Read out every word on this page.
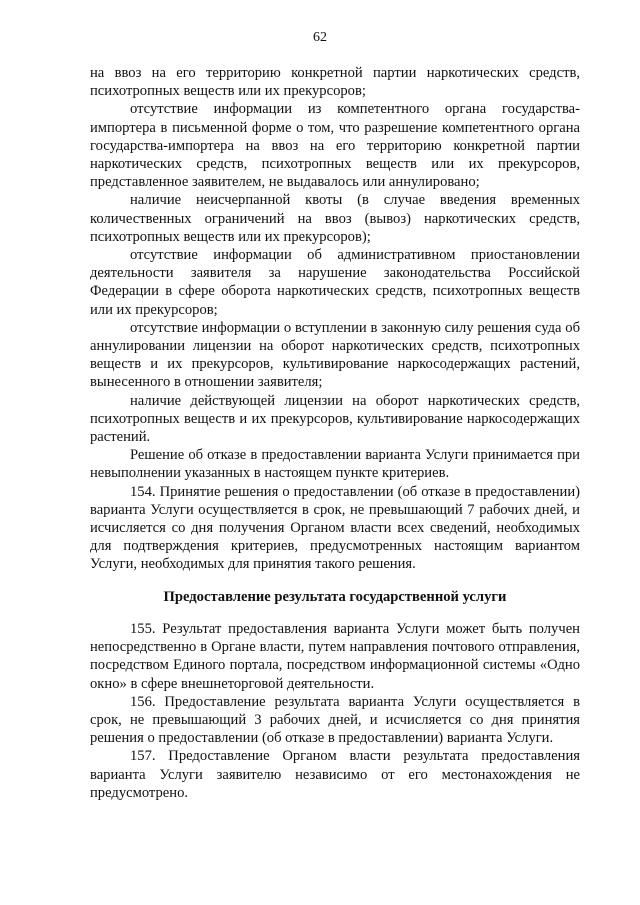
62

на ввоз на его территорию конкретной партии наркотических средств, психотропных веществ или их прекурсоров;

отсутствие информации из компетентного органа государства-импортера в письменной форме о том, что разрешение компетентного органа государства-импортера на ввоз на его территорию конкретной партии наркотических средств, психотропных веществ или их прекурсоров, представленное заявителем, не выдавалось или аннулировано;

наличие неисчерпанной квоты (в случае введения временных количественных ограничений на ввоз (вывоз) наркотических средств, психотропных веществ или их прекурсоров);

отсутствие информации об административном приостановлении деятельности заявителя за нарушение законодательства Российской Федерации в сфере оборота наркотических средств, психотропных веществ или их прекурсоров;

отсутствие информации о вступлении в законную силу решения суда об аннулировании лицензии на оборот наркотических средств, психотропных веществ и их прекурсоров, культивирование наркосодержащих растений, вынесенного в отношении заявителя;

наличие действующей лицензии на оборот наркотических средств, психотропных веществ и их прекурсоров, культивирование наркосодержащих растений.

Решение об отказе в предоставлении варианта Услуги принимается при невыполнении указанных в настоящем пункте критериев.

154. Принятие решения о предоставлении (об отказе в предоставлении) варианта Услуги осуществляется в срок, не превышающий 7 рабочих дней, и исчисляется со дня получения Органом власти всех сведений, необходимых для подтверждения критериев, предусмотренных настоящим вариантом Услуги, необходимых для принятия такого решения.

Предоставление результата государственной услуги

155. Результат предоставления варианта Услуги может быть получен непосредственно в Органе власти, путем направления почтового отправления, посредством Единого портала, посредством информационной системы «Одно окно» в сфере внешнеторговой деятельности.

156. Предоставление результата варианта Услуги осуществляется в срок, не превышающий 3 рабочих дней, и исчисляется со дня принятия решения о предоставлении (об отказе в предоставлении) варианта Услуги.

157. Предоставление Органом власти результата предоставления варианта Услуги заявителю независимо от его местонахождения не предусмотрено.
